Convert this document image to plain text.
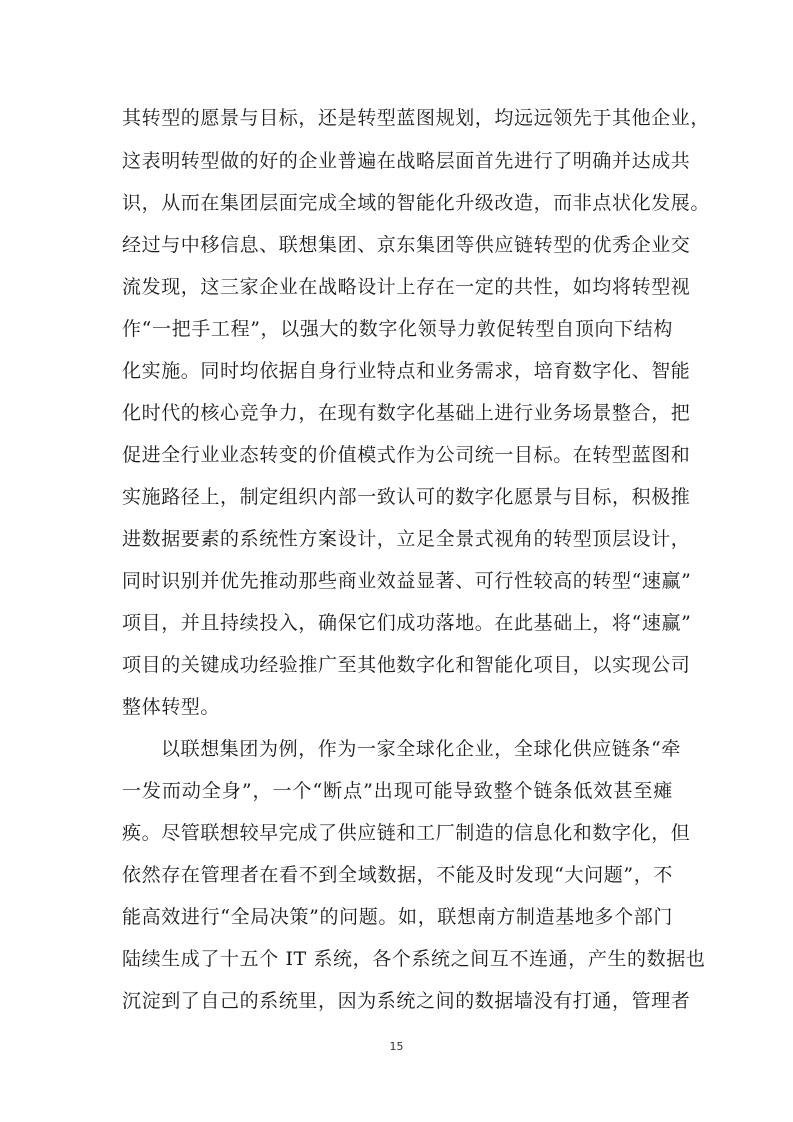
其转型的愿景与目标，还是转型蓝图规划，均远远领先于其他企业，
这表明转型做的好的企业普遍在战略层面首先进行了明确并达成共
识，从而在集团层面完成全域的智能化升级改造，而非点状化发展。
经过与中移信息、联想集团、京东集团等供应链转型的优秀企业交
流发现，这三家企业在战略设计上存在一定的共性，如均将转型视
作“一把手工程”，以强大的数字化领导力敦促转型自顶向下结构
化实施。同时均依据自身行业特点和业务需求，培育数字化、智能
化时代的核心竞争力，在现有数字化基础上进行业务场景整合，把
促进全行业业态转变的价值模式作为公司统一目标。在转型蓝图和
实施路径上，制定组织内部一致认可的数字化愿景与目标，积极推
进数据要素的系统性方案设计，立足全景式视角的转型顶层设计，
同时识别并优先推动那些商业效益显著、可行性较高的转型“速赢”
项目，并且持续投入，确保它们成功落地。在此基础上，将“速赢”
项目的关键成功经验推广至其他数字化和智能化项目，以实现公司
整体转型。
以联想集团为例，作为一家全球化企业，全球化供应链条“牵
一发而动全身”，一个“断点”出现可能导致整个链条低效甚至瘫
痪。尽管联想较早完成了供应链和工厂制造的信息化和数字化，但
依然存在管理者在看不到全域数据，不能及时发现“大问题”，不
能高效进行“全局决策”的问题。如，联想南方制造基地多个部门
陆续生成了十五个 IT 系统，各个系统之间互不连通，产生的数据也
沉淀到了自己的系统里，因为系统之间的数据墙没有打通，管理者
15
